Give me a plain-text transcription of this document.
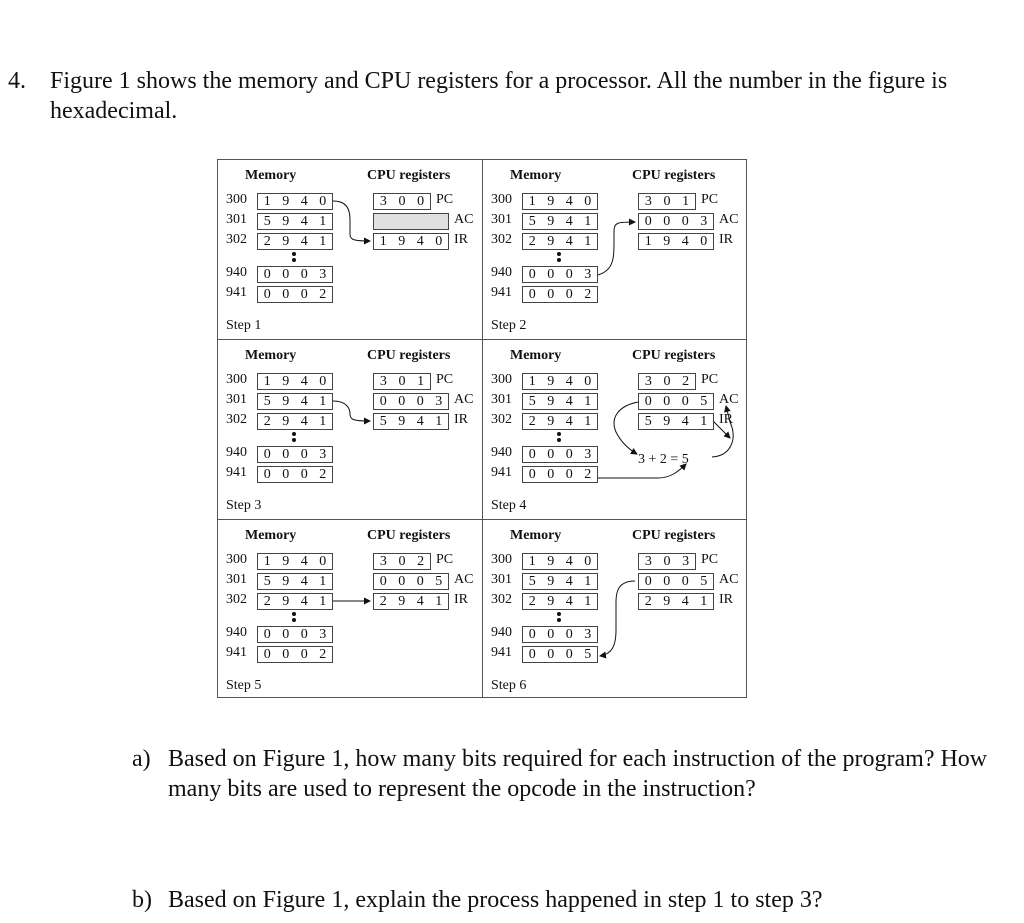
4. Figure 1 shows the memory and CPU registers for a processor. All the number in the figure is hexadecimal.
Memory	CPU registers
300	1 9 4 0
301	5 9 4 1
302	2 9 4 1
940	0 0 0 3
941	0 0 0 2
3 0 0 PC
AC
1 9 4 0 IR
Step 1
Memory	CPU registers
300	1 9 4 0
301	5 9 4 1
302	2 9 4 1
940	0 0 0 3
941	0 0 0 2
3 0 1 PC
0 0 0 3 AC
1 9 4 0 IR
Step 2
Memory	CPU registers
300	1 9 4 0
301	5 9 4 1
302	2 9 4 1
940	0 0 0 3
941	0 0 0 2
3 0 1 PC
0 0 0 3 AC
5 9 4 1 IR
Step 3
Memory	CPU registers
300	1 9 4 0
301	5 9 4 1
302	2 9 4 1
940	0 0 0 3
941	0 0 0 2
3 0 2 PC
0 0 0 5 AC
5 9 4 1 IR
Step 4
3 + 2 = 5
Memory	CPU registers
300	1 9 4 0
301	5 9 4 1
302	2 9 4 1
940	0 0 0 3
941	0 0 0 2
3 0 2 PC
0 0 0 5 AC
2 9 4 1 IR
Step 5
Memory	CPU registers
300	1 9 4 0
301	5 9 4 1
302	2 9 4 1
940	0 0 0 3
941	0 0 0 5
3 0 3 PC
0 0 0 5 AC
2 9 4 1 IR
Step 6
a) Based on Figure 1, how many bits required for each instruction of the program? How many bits are used to represent the opcode in the instruction?
b) Based on Figure 1, explain the process happened in step 1 to step 3?
